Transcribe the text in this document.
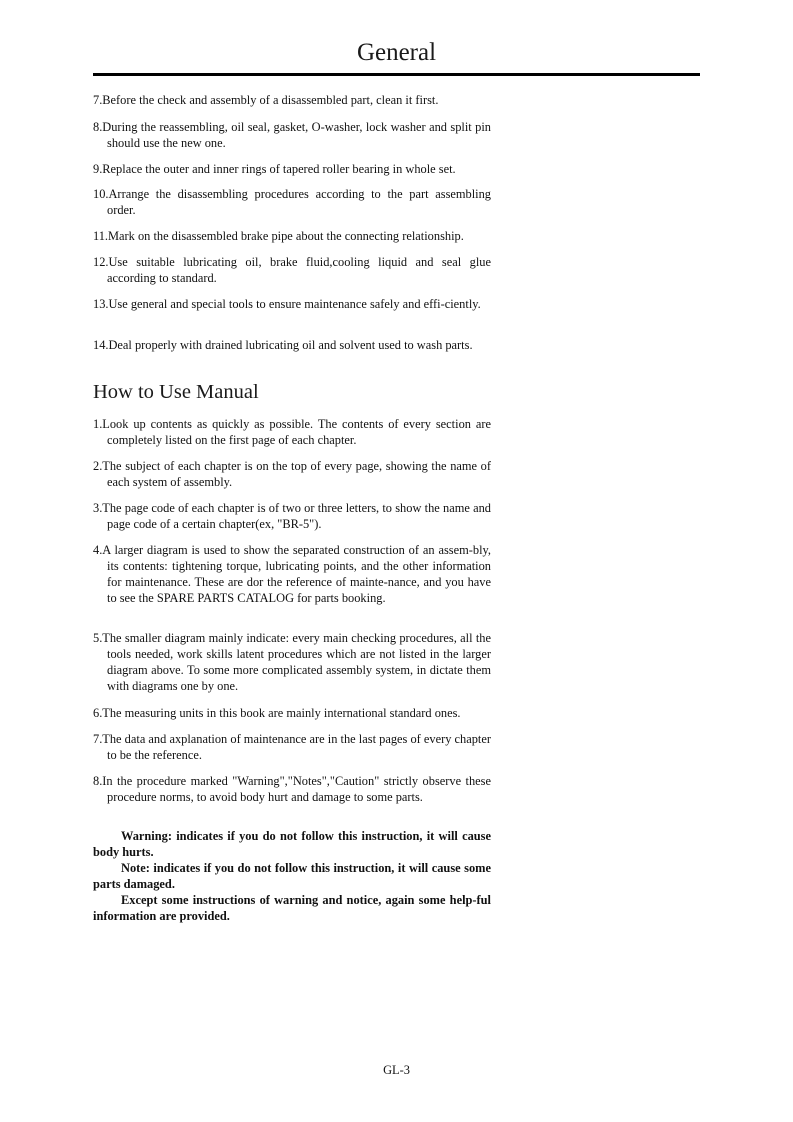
General
7.Before the check and assembly of a disassembled part, clean it first.
8.During the reassembling, oil seal, gasket, O-washer, lock washer and split pin should use the new one.
9.Replace the outer and inner rings of tapered roller bearing in whole set.
10.Arrange the disassembling procedures according to the part assembling order.
11.Mark on the disassembled brake pipe about the connecting relationship.
12.Use suitable lubricating oil, brake fluid,cooling liquid and seal glue according to standard.
13.Use general and special tools to ensure maintenance safely and effi-ciently.
14.Deal properly with drained lubricating oil and solvent used to wash parts.
How to Use Manual
1.Look up contents as quickly as possible. The contents of every section are completely listed on the first page of each chapter.
2.The subject of each chapter is on the top of every page, showing the name of each system of assembly.
3.The page code of each chapter is of two or three letters, to show the name and page code of a certain chapter(ex, "BR-5").
4.A larger diagram is used to show the separated construction of an assem-bly, its contents: tightening torque, lubricating points, and the other information for maintenance. These are dor the reference of mainte-nance, and you have to see the SPARE PARTS CATALOG for parts booking.
5.The smaller diagram mainly indicate: every main checking procedures, all the tools needed, work skills latent procedures which are not listed in the larger diagram above. To some more complicated assembly system, in dictate them with diagrams one by one.
6.The measuring units in this book are mainly international standard ones.
7.The data and axplanation of maintenance are in the last pages of every chapter to be the reference.
8.In the procedure marked "Warning","Notes","Caution" strictly observe these procedure norms, to avoid body hurt and damage to some parts.

Warning: indicates if you do not follow this instruction, it will cause body hurts.

Note: indicates if you do not follow this instruction, it will cause some parts damaged.

Except some instructions of warning and notice, again some help-ful information are provided.

GL-3
